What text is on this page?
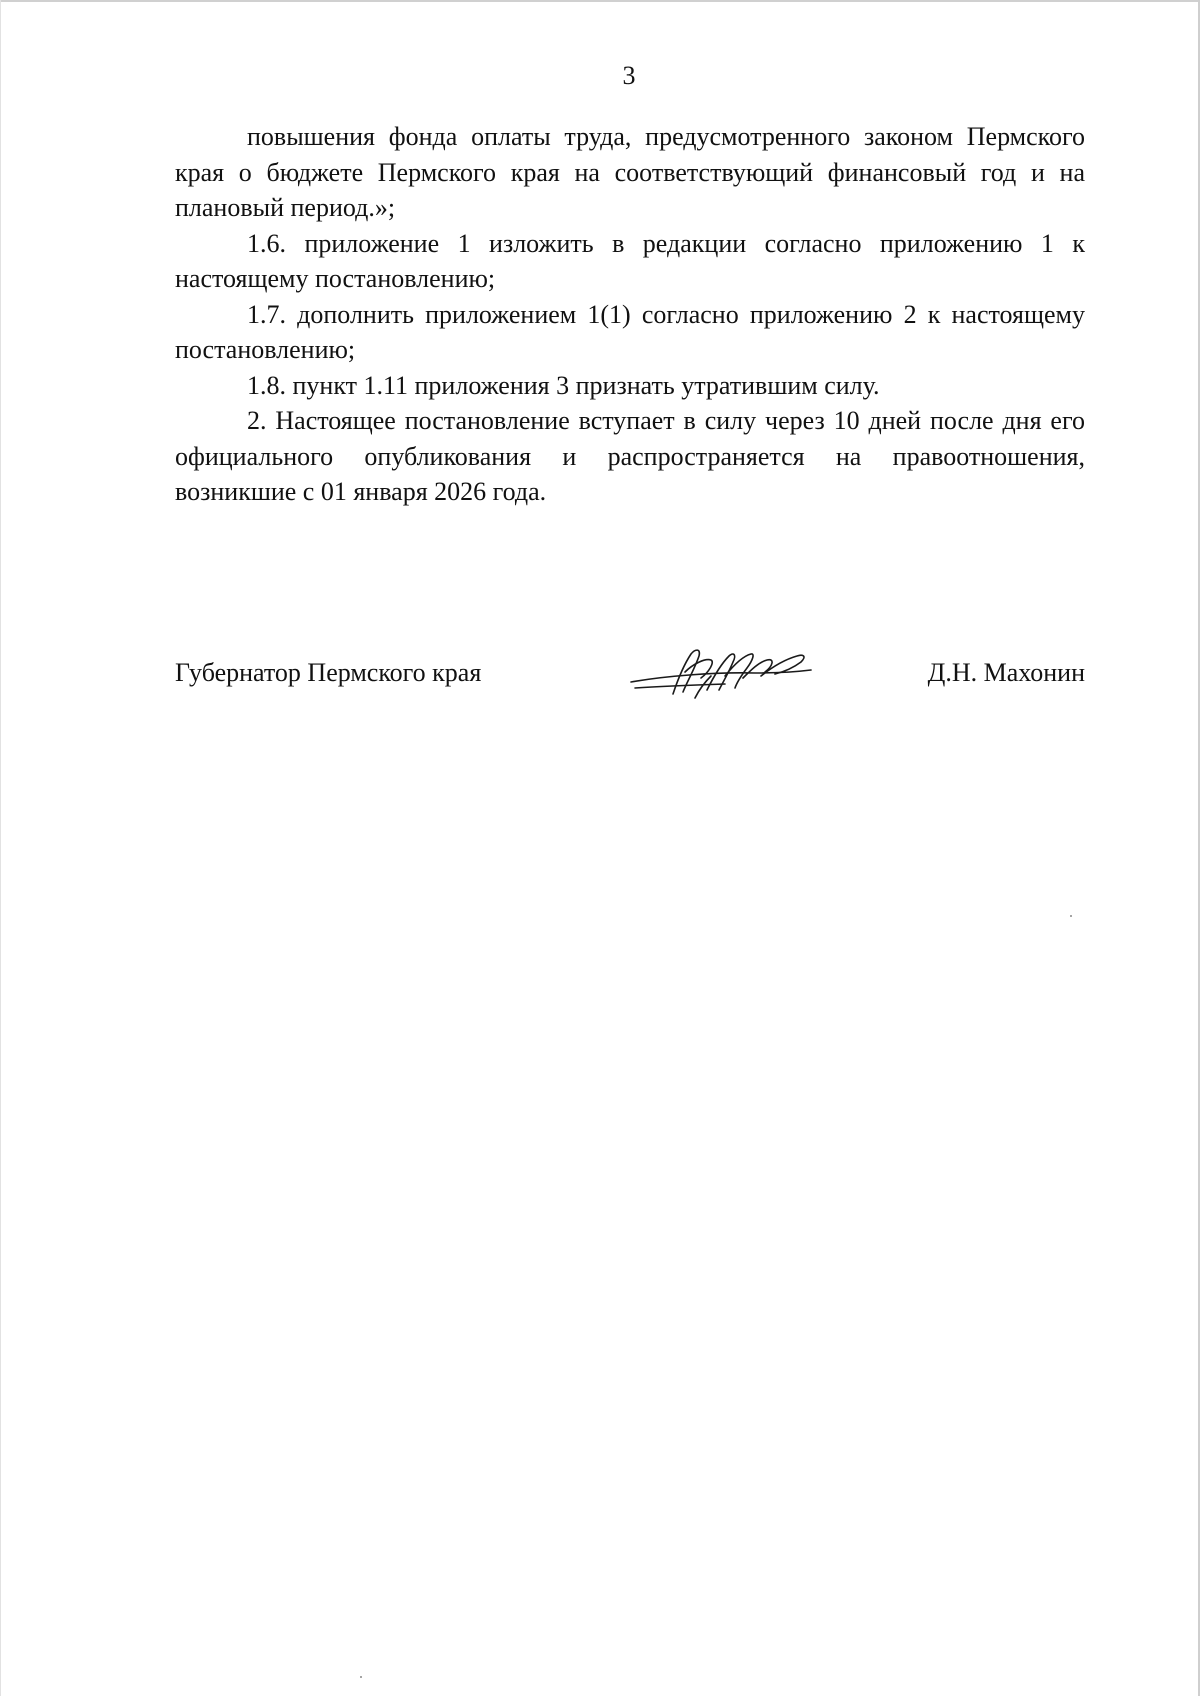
3

повышения фонда оплаты труда, предусмотренного законом Пермского края о бюджете Пермского края на соответствующий финансовый год и на плановый период.»;

1.6. приложение 1 изложить в редакции согласно приложению 1 к настоящему постановлению;

1.7. дополнить приложением 1(1) согласно приложению 2 к настоящему постановлению;

1.8. пункт 1.11 приложения 3 признать утратившим силу.

2. Настоящее постановление вступает в силу через 10 дней после дня его официального опубликования и распространяется на правоотношения, возникшие с 01 января 2026 года.

Губернатор Пермского края	Д.Н. Махонин
